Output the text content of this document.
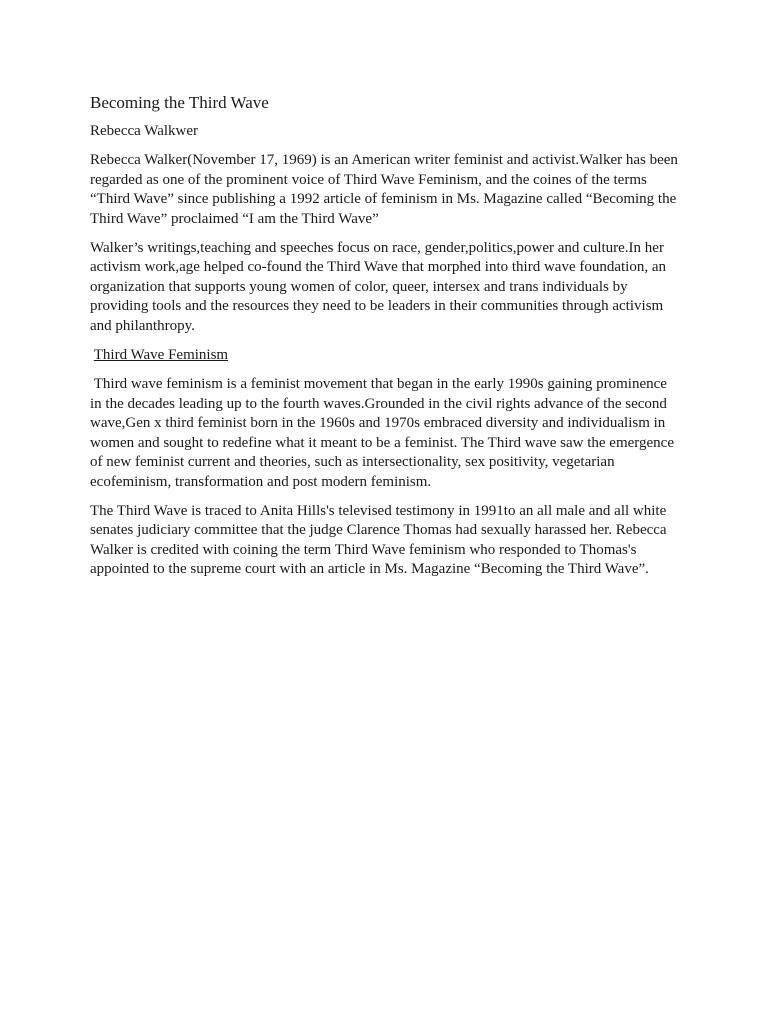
Becoming the Third Wave
Rebecca Walkwer

Rebecca Walker(November 17, 1969) is an American writer feminist and activist.Walker has been regarded as one of the prominent voice of Third Wave Feminism, and the coines of the terms “Third Wave” since publishing a 1992 article of feminism in Ms. Magazine called “Becoming the Third Wave” proclaimed “I am the Third Wave”

Walker’s writings,teaching and speeches focus on race, gender,politics,power and culture.In her activism work,age helped co-found the Third Wave that morphed into third wave foundation, an organization that supports young women of color, queer, intersex and trans individuals by providing tools and the resources they need to be leaders in their communities through activism and philanthropy.

Third Wave Feminism

Third wave feminism is a feminist movement that began in the early 1990s gaining prominence in the decades leading up to the fourth waves.Grounded in the civil rights advance of the second wave,Gen x third feminist born in the 1960s and 1970s embraced diversity and individualism in women and sought to redefine what it meant to be a feminist. The Third wave saw the emergence of new feminist current and theories, such as intersectionality, sex positivity, vegetarian ecofeminism, transformation and post modern feminism.

The Third Wave is traced to Anita Hills's televised testimony in 1991to an all male and all white senates judiciary committee that the judge Clarence Thomas had sexually harassed her. Rebecca Walker is credited with coining the term Third Wave feminism who responded to Thomas's appointed to the supreme court with an article in Ms. Magazine “Becoming the Third Wave”.
